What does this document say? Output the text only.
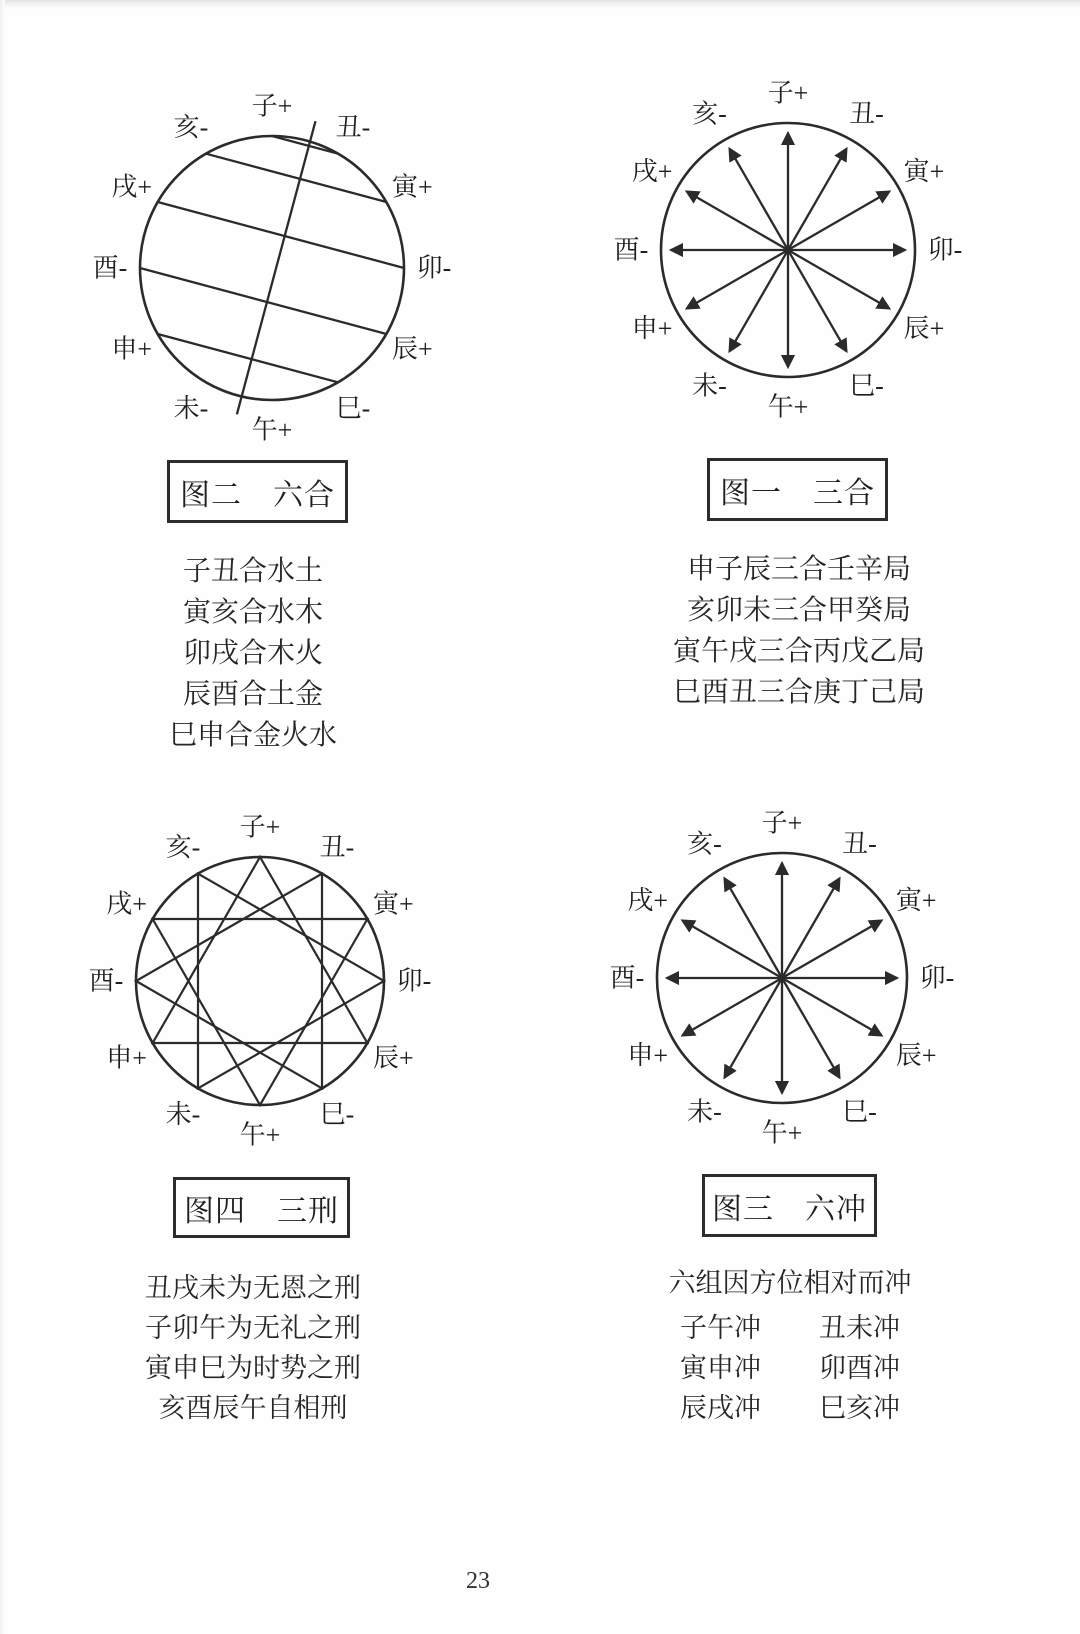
子+
丑-
寅+
卯-
辰+
巳-
午+
未-
申+
酉-
戌+
亥-
子+
丑-
寅+
卯-
辰+
巳-
午+
未-
申+
酉-
戌+
亥-
子+
丑-
寅+
卯-
辰+
巳-
午+
未-
申+
酉-
戌+
亥-
子+
丑-
寅+
卯-
辰+
巳-
午+
未-
申+
酉-
戌+
亥-
图二　六合	图一　三合
图四　三刑	图三　六冲
子丑合水土
寅亥合水木
卯戌合木火
辰酉合土金
巳申合金火水
申子辰三合壬辛局
亥卯未三合甲癸局
寅午戌三合丙戊乙局
巳酉丑三合庚丁己局
丑戌未为无恩之刑
子卯午为无礼之刑
寅申巳为时势之刑
亥酉辰午自相刑
六组因方位相对而冲
子午冲 丑未冲
寅申冲 卯酉冲
辰戌冲 巳亥冲
23
